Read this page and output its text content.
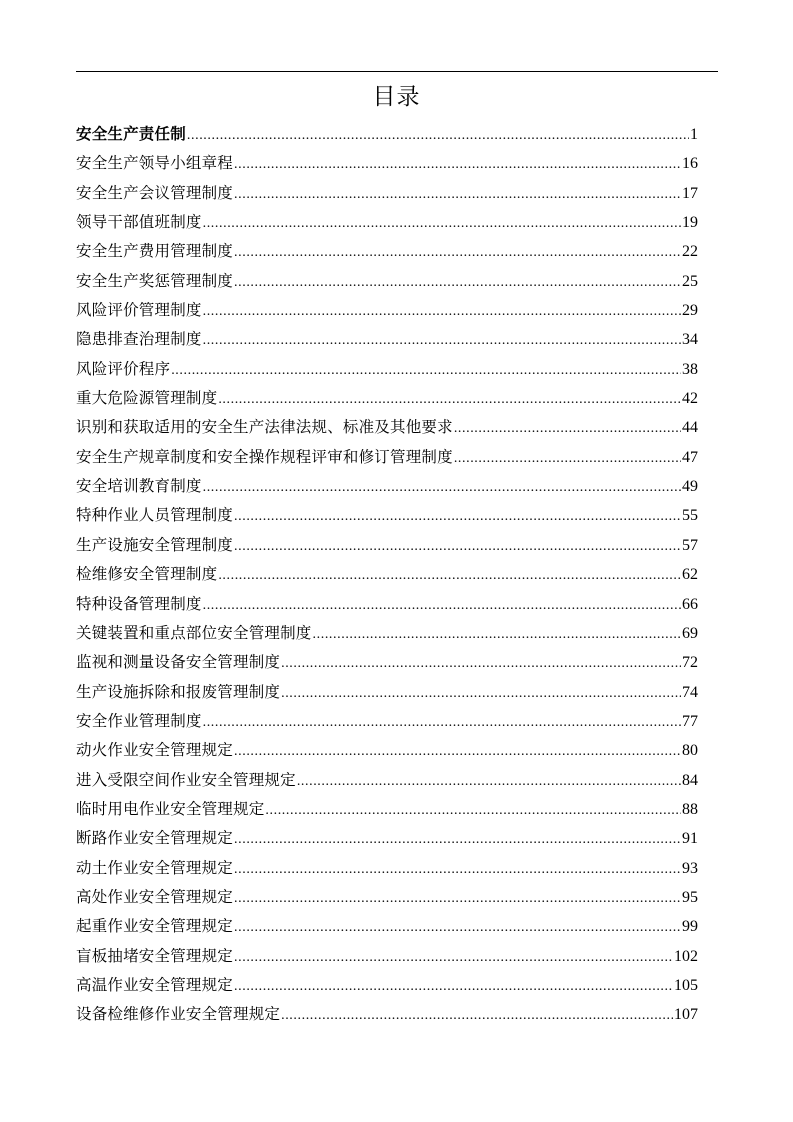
目录
安全生产责任制 .....	1
安全生产领导小组章程 .....	16
安全生产会议管理制度 .....	17
领导干部值班制度 .....	19
安全生产费用管理制度 .....	22
安全生产奖惩管理制度 .....	25
风险评价管理制度 .....	29
隐患排查治理制度 .....	34
风险评价程序 .....	38
重大危险源管理制度 .....	42
识别和获取适用的安全生产法律法规、标准及其他要求 .....	44
安全生产规章制度和安全操作规程评审和修订管理制度 .....	47
安全培训教育制度 .....	49
特种作业人员管理制度 .....	55
生产设施安全管理制度 .....	57
检维修安全管理制度 .....	62
特种设备管理制度 .....	66
关键装置和重点部位安全管理制度 .....	69
监视和测量设备安全管理制度 .....	72
生产设施拆除和报废管理制度 .....	74
安全作业管理制度 .....	77
动火作业安全管理规定 .....	80
进入受限空间作业安全管理规定 .....	84
临时用电作业安全管理规定 .....	88
断路作业安全管理规定 .....	91
动土作业安全管理规定 .....	93
高处作业安全管理规定 .....	95
起重作业安全管理规定 .....	99
盲板抽堵安全管理规定 .....	102
高温作业安全管理规定 .....	105
设备检维修作业安全管理规定 .....	107
